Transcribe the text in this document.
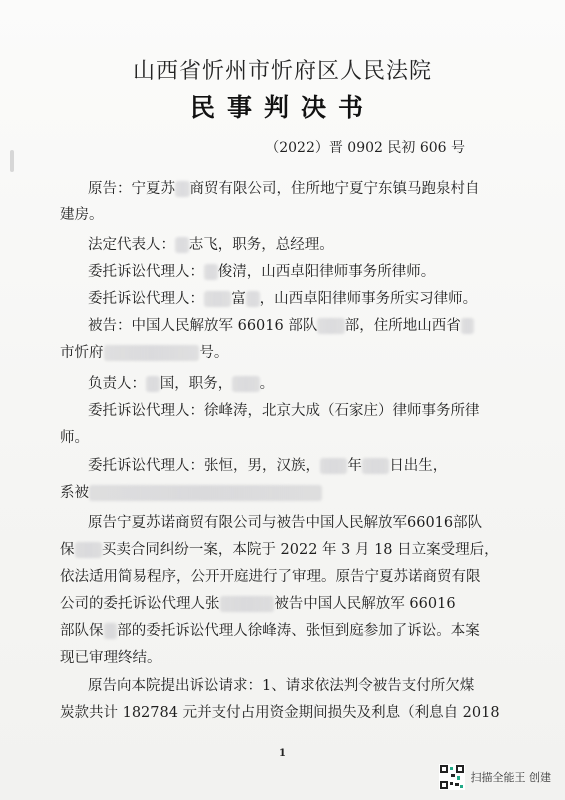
山西省忻州市忻府区人民法院
民事判决书
（2022）晋 0902 民初 606 号
原告：宁夏苏 商贸有限公司，住所地宁夏宁东镇马跑泉村自
建房。
法定代表人： 志飞，职务，总经理。
委托诉讼代理人： 俊清，山西卓阳律师事务所律师。
委托诉讼代理人： 富 ，山西卓阳律师事务所实习律师。
被告：中国人民解放军 66016 部队 部，住所地山西省
市忻府	号。
负责人： 国，职务， 。
委托诉讼代理人：徐峰涛，北京大成（石家庄）律师事务所律
师。
委托诉讼代理人：张恒，男，汉族， 年 日出生，
系被
原告宁夏苏诺商贸有限公司与被告中国人民解放军66016部队
保 买卖合同纠纷一案，本院于 2022 年 3 月 18 日立案受理后，
依法适用简易程序，公开开庭进行了审理。原告宁夏苏诺商贸有限
公司的委托诉讼代理人张	被告中国人民解放军 66016
部队保 部的委托诉讼代理人徐峰涛、张恒到庭参加了诉讼。本案
现已审理终结。
原告向本院提出诉讼请求：1、请求依法判令被告支付所欠煤
炭款共计 182784 元并支付占用资金期间损失及利息（利息自 2018
1
扫描全能王 创建
